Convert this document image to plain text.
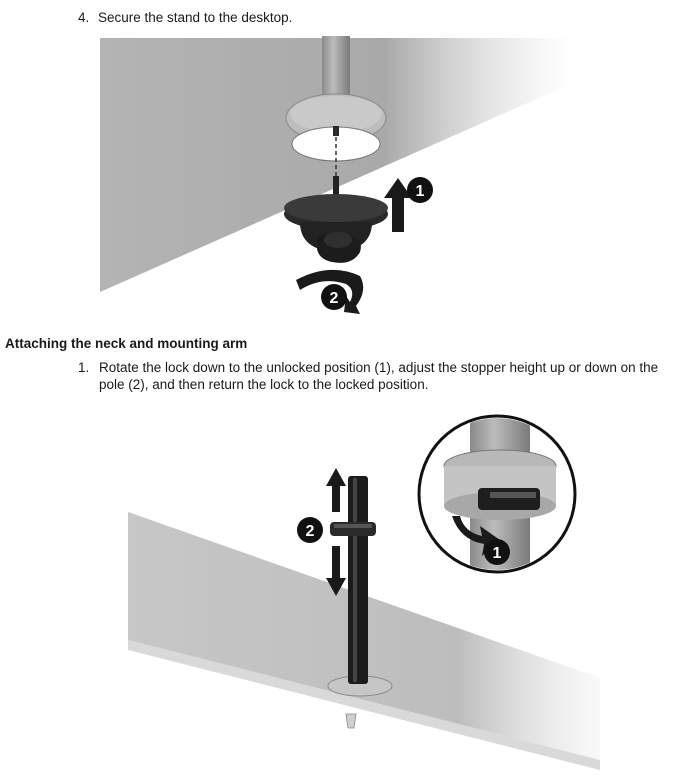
4. Secure the stand to the desktop.
1
2
2
1
Attaching the neck and mounting arm
1. Rotate the lock down to the unlocked position (1), adjust the stopper height up or down on the pole (2), and then return the lock to the locked position.
